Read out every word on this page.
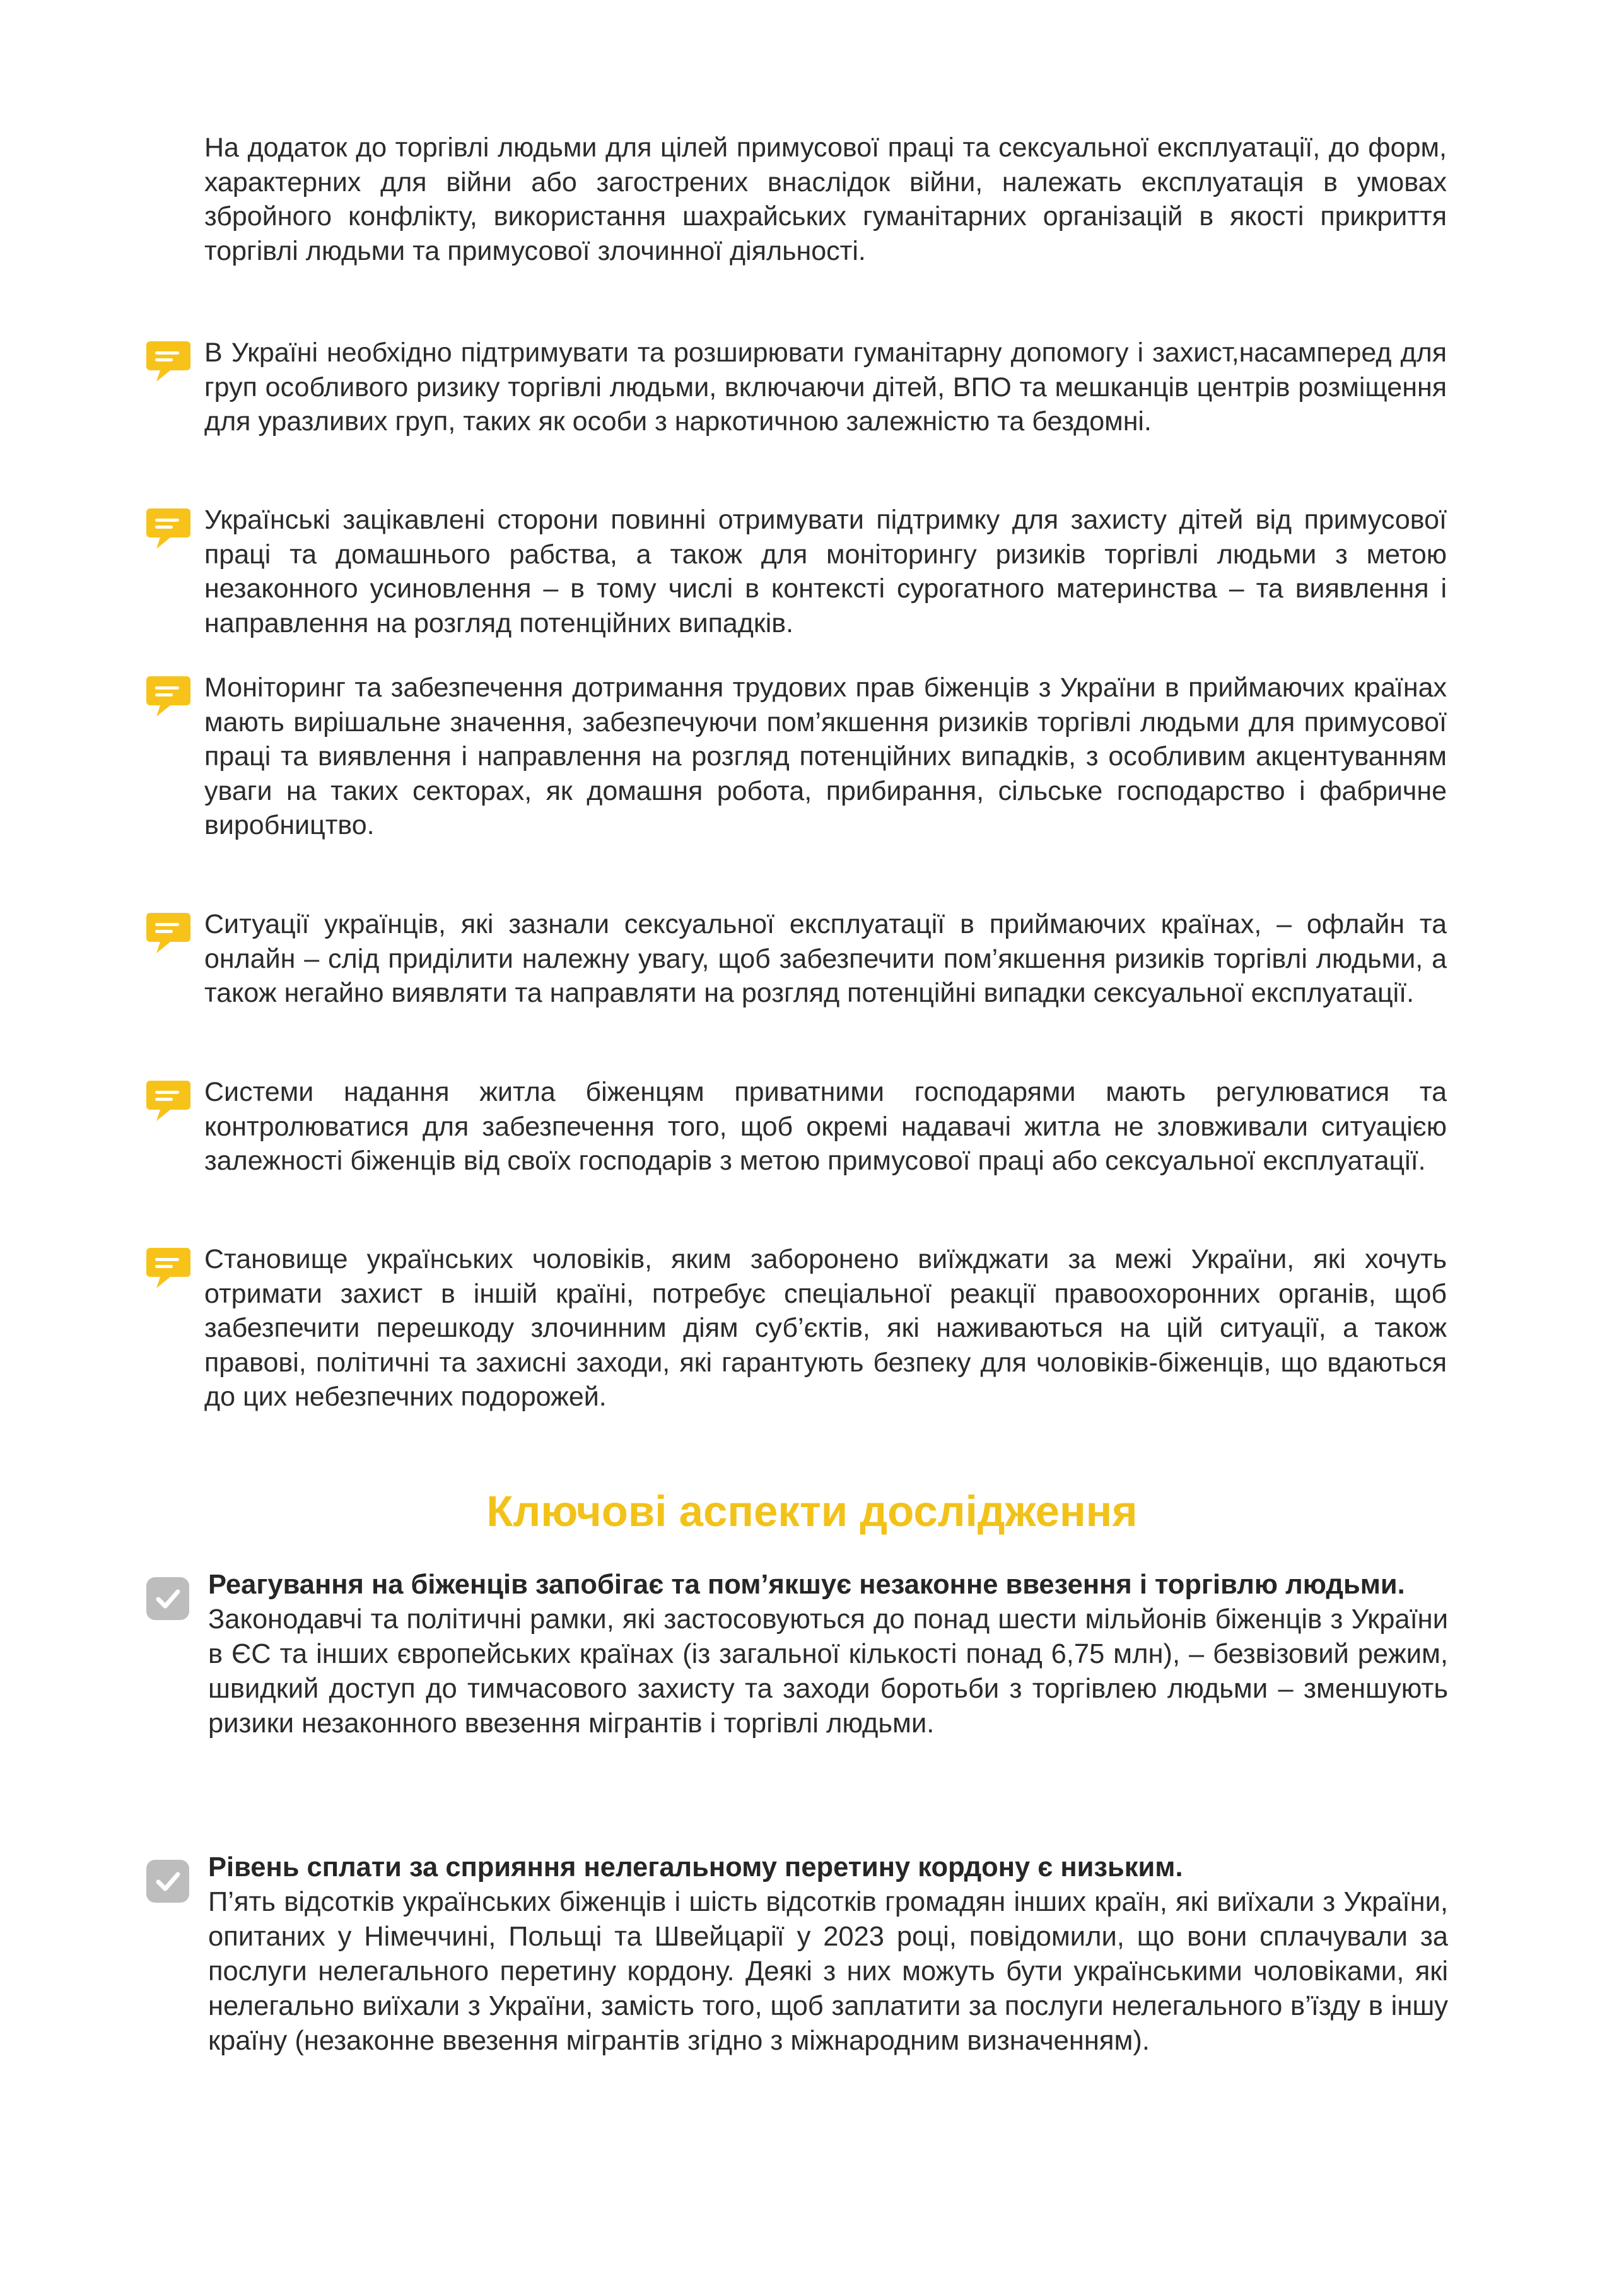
На додаток до торгівлі людьми для цілей примусової праці та сексуальної експлуатації, до форм, характерних для війни або загострених внаслідок війни, належать експлуатація в умовах збройного конфлікту, використання шахрайських гуманітарних організацій в якості прикриття торгівлі людьми та примусової злочинної діяльності.

В Україні необхідно підтримувати та розширювати гуманітарну допомогу і захист,насамперед для груп особливого ризику торгівлі людьми, включаючи дітей, ВПО та мешканців центрів розміщення для уразливих груп, таких як особи з наркотичною залежністю та бездомні.

Українські зацікавлені сторони повинні отримувати підтримку для захисту дітей від примусової праці та домашнього рабства, а також для моніторингу ризиків торгівлі людьми з метою незаконного усиновлення – в тому числі в контексті сурогатного материнства – та виявлення і направлення на розгляд потенційних випадків.

Моніторинг та забезпечення дотримання трудових прав біженців з України в приймаючих країнах мають вирішальне значення, забезпечуючи пом’якшення ризиків торгівлі людьми для примусової праці та виявлення і направлення на розгляд потенційних випадків, з особливим акцентуванням уваги на таких секторах, як домашня робота, прибирання, сільське господарство і фабричне виробництво.

Ситуації українців, які зазнали сексуальної експлуатації в приймаючих країнах, – офлайн та онлайн – слід приділити належну увагу, щоб забезпечити пом’якшення ризиків торгівлі людьми, а також негайно виявляти та направляти на розгляд потенційні випадки сексуальної експлуатації.

Системи надання житла біженцям приватними господарями мають регулюватися та контролюватися для забезпечення того, щоб окремі надавачі житла не зловживали ситуацією залежності біженців від своїх господарів з метою примусової праці або сексуальної експлуатації.

Становище українських чоловіків, яким заборонено виїжджати за межі України, які хочуть отримати захист в іншій країні, потребує спеціальної реакції правоохоронних органів, щоб забезпечити перешкоду злочинним діям суб’єктів, які наживаються на цій ситуації, а також правові, політичні та захисні заходи, які гарантують безпеку для чоловіків-біженців, що вдаються до цих небезпечних подорожей.

Ключові аспекти дослідження

Реагування на біженців запобігає та пом’якшує незаконне ввезення і торгівлю людьми.
Законодавчі та політичні рамки, які застосовуються до понад шести мільйонів біженців з України в ЄС та інших європейських країнах (із загальної кількості понад 6,75 млн), – безвізовий режим, швидкий доступ до тимчасового захисту та заходи боротьби з торгівлею людьми – зменшують ризики незаконного ввезення мігрантів і торгівлі людьми.

Рівень сплати за сприяння нелегальному перетину кордону є низьким.
П’ять відсотків українських біженців і шість відсотків громадян інших країн, які виїхали з України, опитаних у Німеччині, Польщі та Швейцарії у 2023 році, повідомили, що вони сплачували за послуги нелегального перетину кордону. Деякі з них можуть бути українськими чоловіками, які нелегально виїхали з України, замість того, щоб заплатити за послуги нелегального в’їзду в іншу країну (незаконне ввезення мігрантів згідно з міжнародним визначенням).
